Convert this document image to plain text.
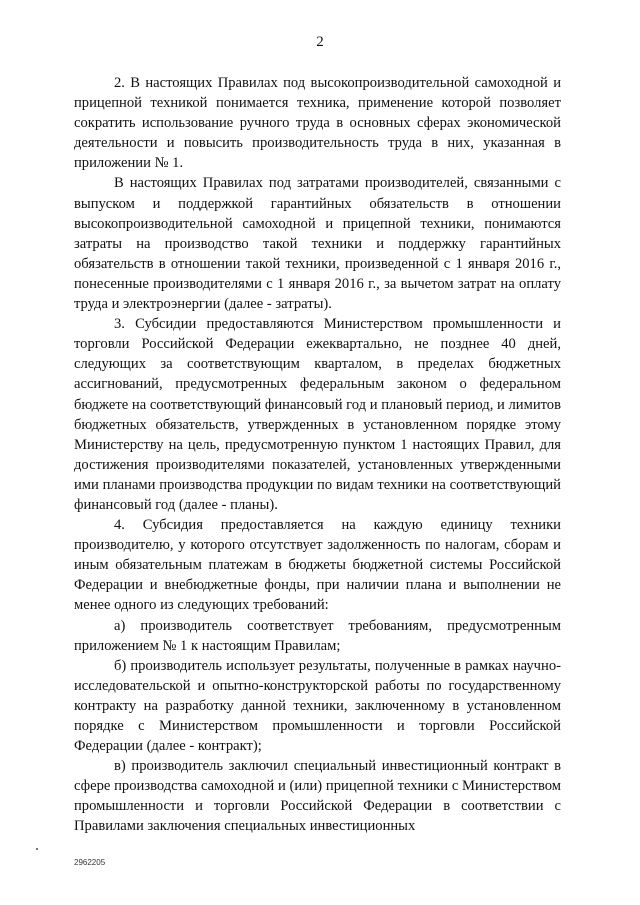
2

2. В настоящих Правилах под высокопроизводительной самоходной и прицепной техникой понимается техника, применение которой позволяет сократить использование ручного труда в основных сферах экономической деятельности и повысить производительность труда в них, указанная в приложении № 1.

В настоящих Правилах под затратами производителей, связанными с выпуском и поддержкой гарантийных обязательств в отношении высокопроизводительной самоходной и прицепной техники, понимаются затраты на производство такой техники и поддержку гарантийных обязательств в отношении такой техники, произведенной с 1 января 2016 г., понесенные производителями с 1 января 2016 г., за вычетом затрат на оплату труда и электроэнергии (далее - затраты).

3. Субсидии предоставляются Министерством промышленности и торговли Российской Федерации ежеквартально, не позднее 40 дней, следующих за соответствующим кварталом, в пределах бюджетных ассигнований, предусмотренных федеральным законом о федеральном бюджете на соответствующий финансовый год и плановый период, и лимитов бюджетных обязательств, утвержденных в установленном порядке этому Министерству на цель, предусмотренную пунктом 1 настоящих Правил, для достижения производителями показателей, установленных утвержденными ими планами производства продукции по видам техники на соответствующий финансовый год (далее - планы).

4. Субсидия предоставляется на каждую единицу техники производителю, у которого отсутствует задолженность по налогам, сборам и иным обязательным платежам в бюджеты бюджетной системы Российской Федерации и внебюджетные фонды, при наличии плана и выполнении не менее одного из следующих требований:

а) производитель соответствует требованиям, предусмотренным приложением № 1 к настоящим Правилам;

б) производитель использует результаты, полученные в рамках научно-исследовательской и опытно-конструкторской работы по государственному контракту на разработку данной техники, заключенному в установленном порядке с Министерством промышленности и торговли Российской Федерации (далее - контракт);

в) производитель заключил специальный инвестиционный контракт в сфере производства самоходной и (или) прицепной техники с Министерством промышленности и торговли Российской Федерации в соответствии с Правилами заключения специальных инвестиционных

2962205
